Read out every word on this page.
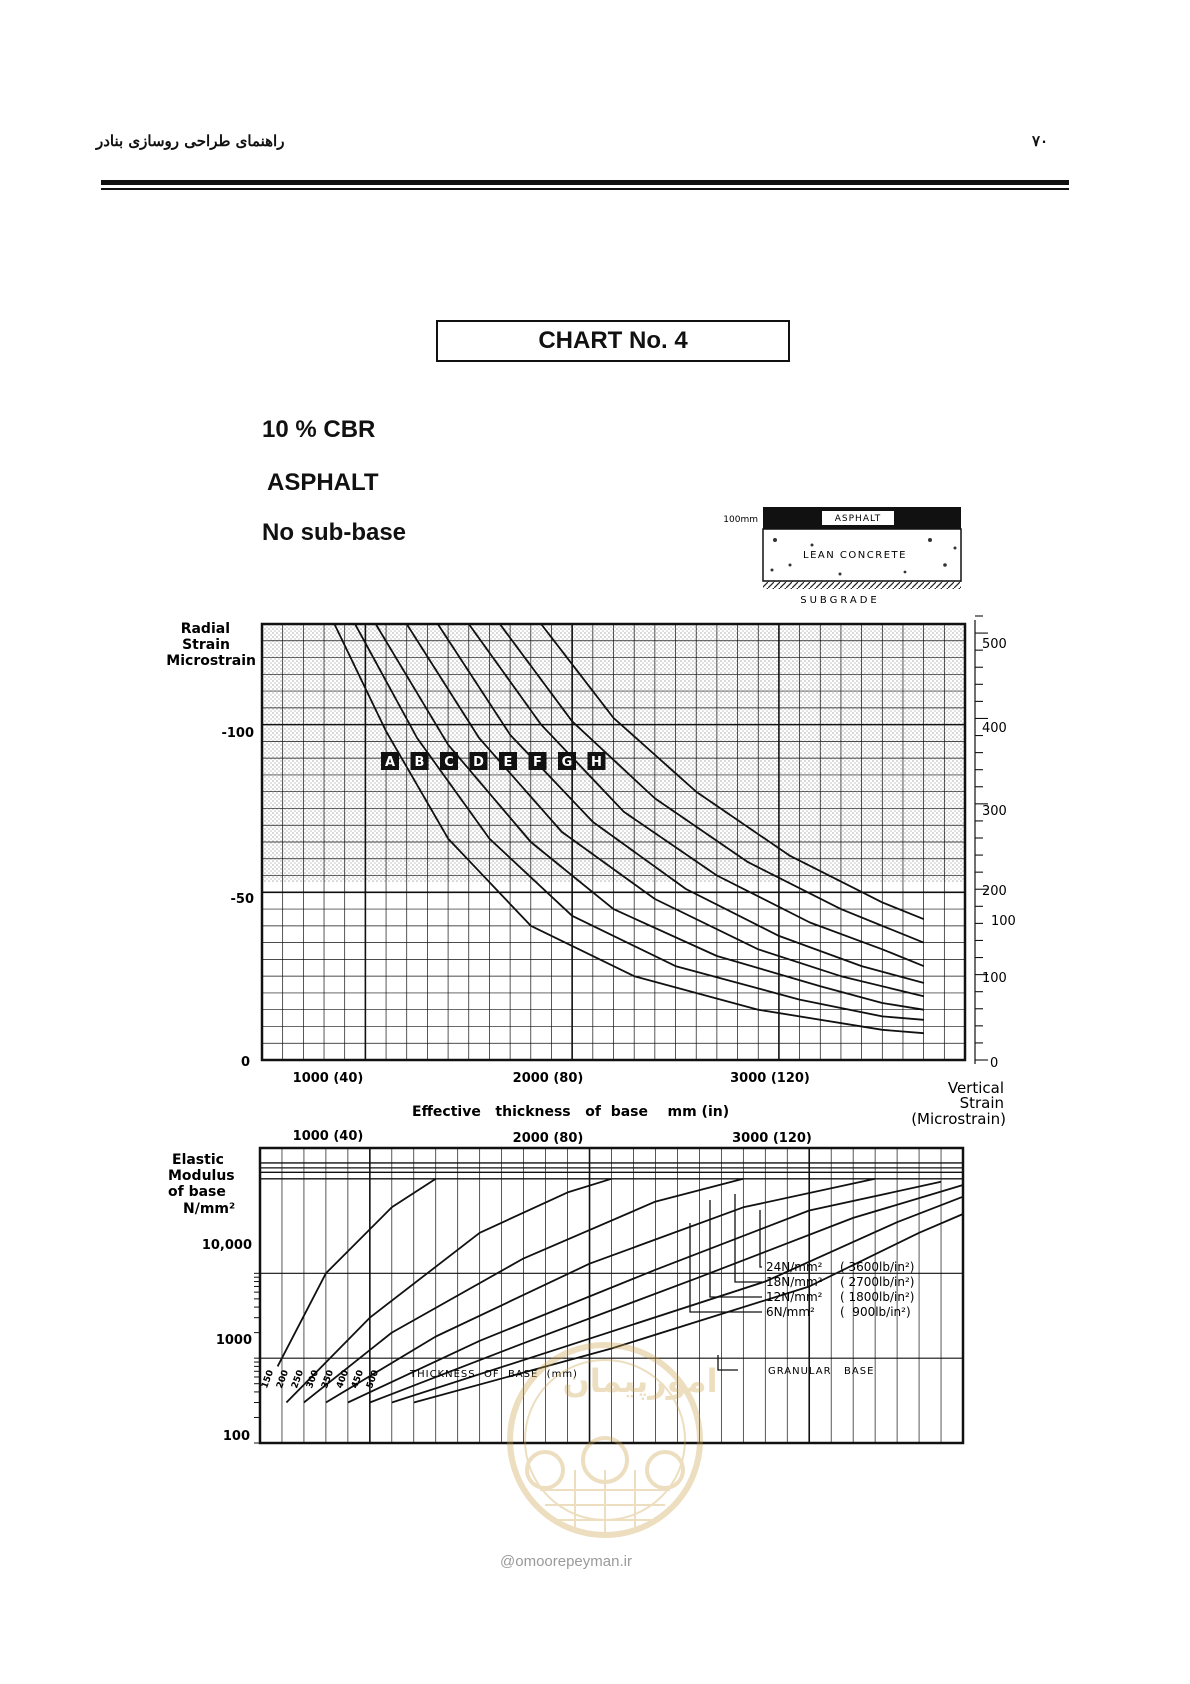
راهنمای طراحی روسازی بنادر	۷۰
CHART No. 4
10 % CBR
ASPHALT
No sub-base	ASPHALT
100mm
LEAN CONCRETE
SUBGRADE
A B C D E F G H
Radial
Strain
Microstrain
-100
-50
0
500
400
300
200
100
100
0
1000 (40)	2000 (80)	3000 (120)
Effective   thickness   of  base    mm (in)
Vertical
Strain
(Microstrain)
1000 (40)	2000 (80)	3000 (120)
Elastic
Modulus
of base
N/mm²
10,000
1000
100
24N/mm²
18N/mm²
12N/mm²
6N/mm²
( 3600lb/in²)
( 2700lb/in²)
( 1800lb/in²)
(  900lb/in²)
GRANULAR   BASE
THICKNESS  OF  BASE  (mm)
150 200 250 300 350 400 450 500	امورپیمان
@omoorepeyman.ir
